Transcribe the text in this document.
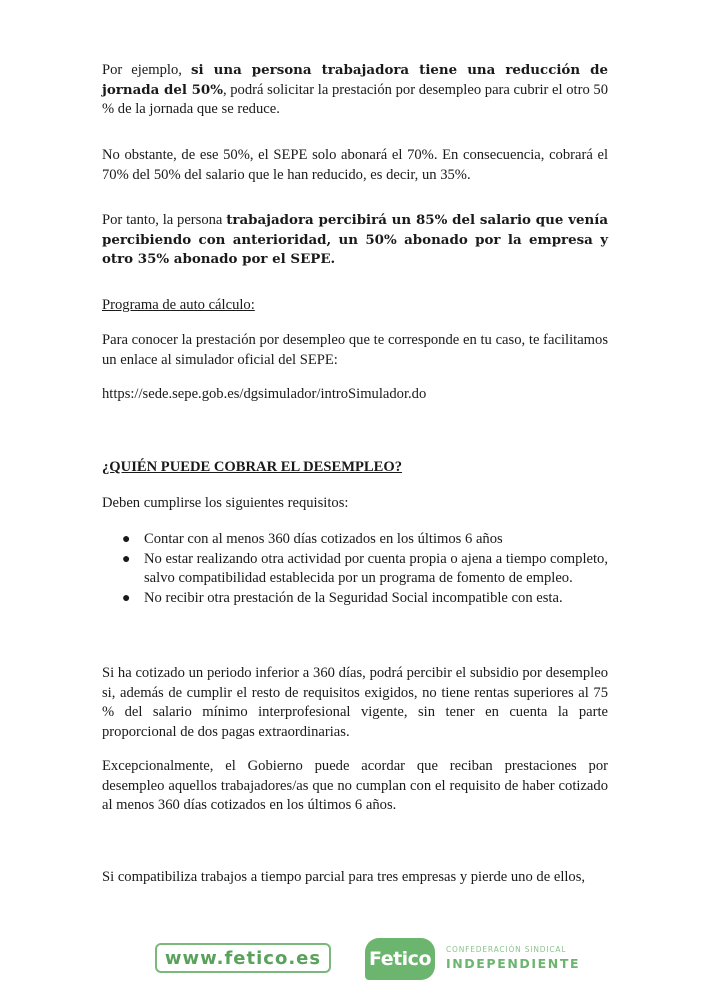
Por ejemplo, si una persona trabajadora tiene una reducción de jornada del 50%, podrá solicitar la prestación por desempleo para cubrir el otro 50 % de la jornada que se reduce.

No obstante, de ese 50%, el SEPE solo abonará el 70%. En consecuencia, cobrará el 70% del 50% del salario que le han reducido, es decir, un 35%.

Por tanto, la persona trabajadora percibirá un 85% del salario que venía percibiendo con anterioridad, un 50% abonado por la empresa y otro 35% abonado por el SEPE.

Programa de auto cálculo:

Para conocer la prestación por desempleo que te corresponde en tu caso, te facilitamos un enlace al simulador oficial del SEPE:

https://sede.sepe.gob.es/dgsimulador/introSimulador.do

¿QUIÉN PUEDE COBRAR EL DESEMPLEO?

Deben cumplirse los siguientes requisitos:

● Contar con al menos 360 días cotizados en los últimos 6 años
● No estar realizando otra actividad por cuenta propia o ajena a tiempo completo, salvo compatibilidad establecida por un programa de fomento de empleo.
● No recibir otra prestación de la Seguridad Social incompatible con esta.

Si ha cotizado un periodo inferior a 360 días, podrá percibir el subsidio por desempleo si, además de cumplir el resto de requisitos exigidos, no tiene rentas superiores al 75 % del salario mínimo interprofesional vigente, sin tener en cuenta la parte proporcional de dos pagas extraordinarias.

Excepcionalmente, el Gobierno puede acordar que reciban prestaciones por desempleo aquellos trabajadores/as que no cumplan con el requisito de haber cotizado al menos 360 días cotizados en los últimos 6 años.

Si compatibiliza trabajos a tiempo parcial para tres empresas y pierde uno de ellos,

www.fetico.es	Fetico	CONFEDERACIÓN SINDICAL
INDEPENDIENTE
